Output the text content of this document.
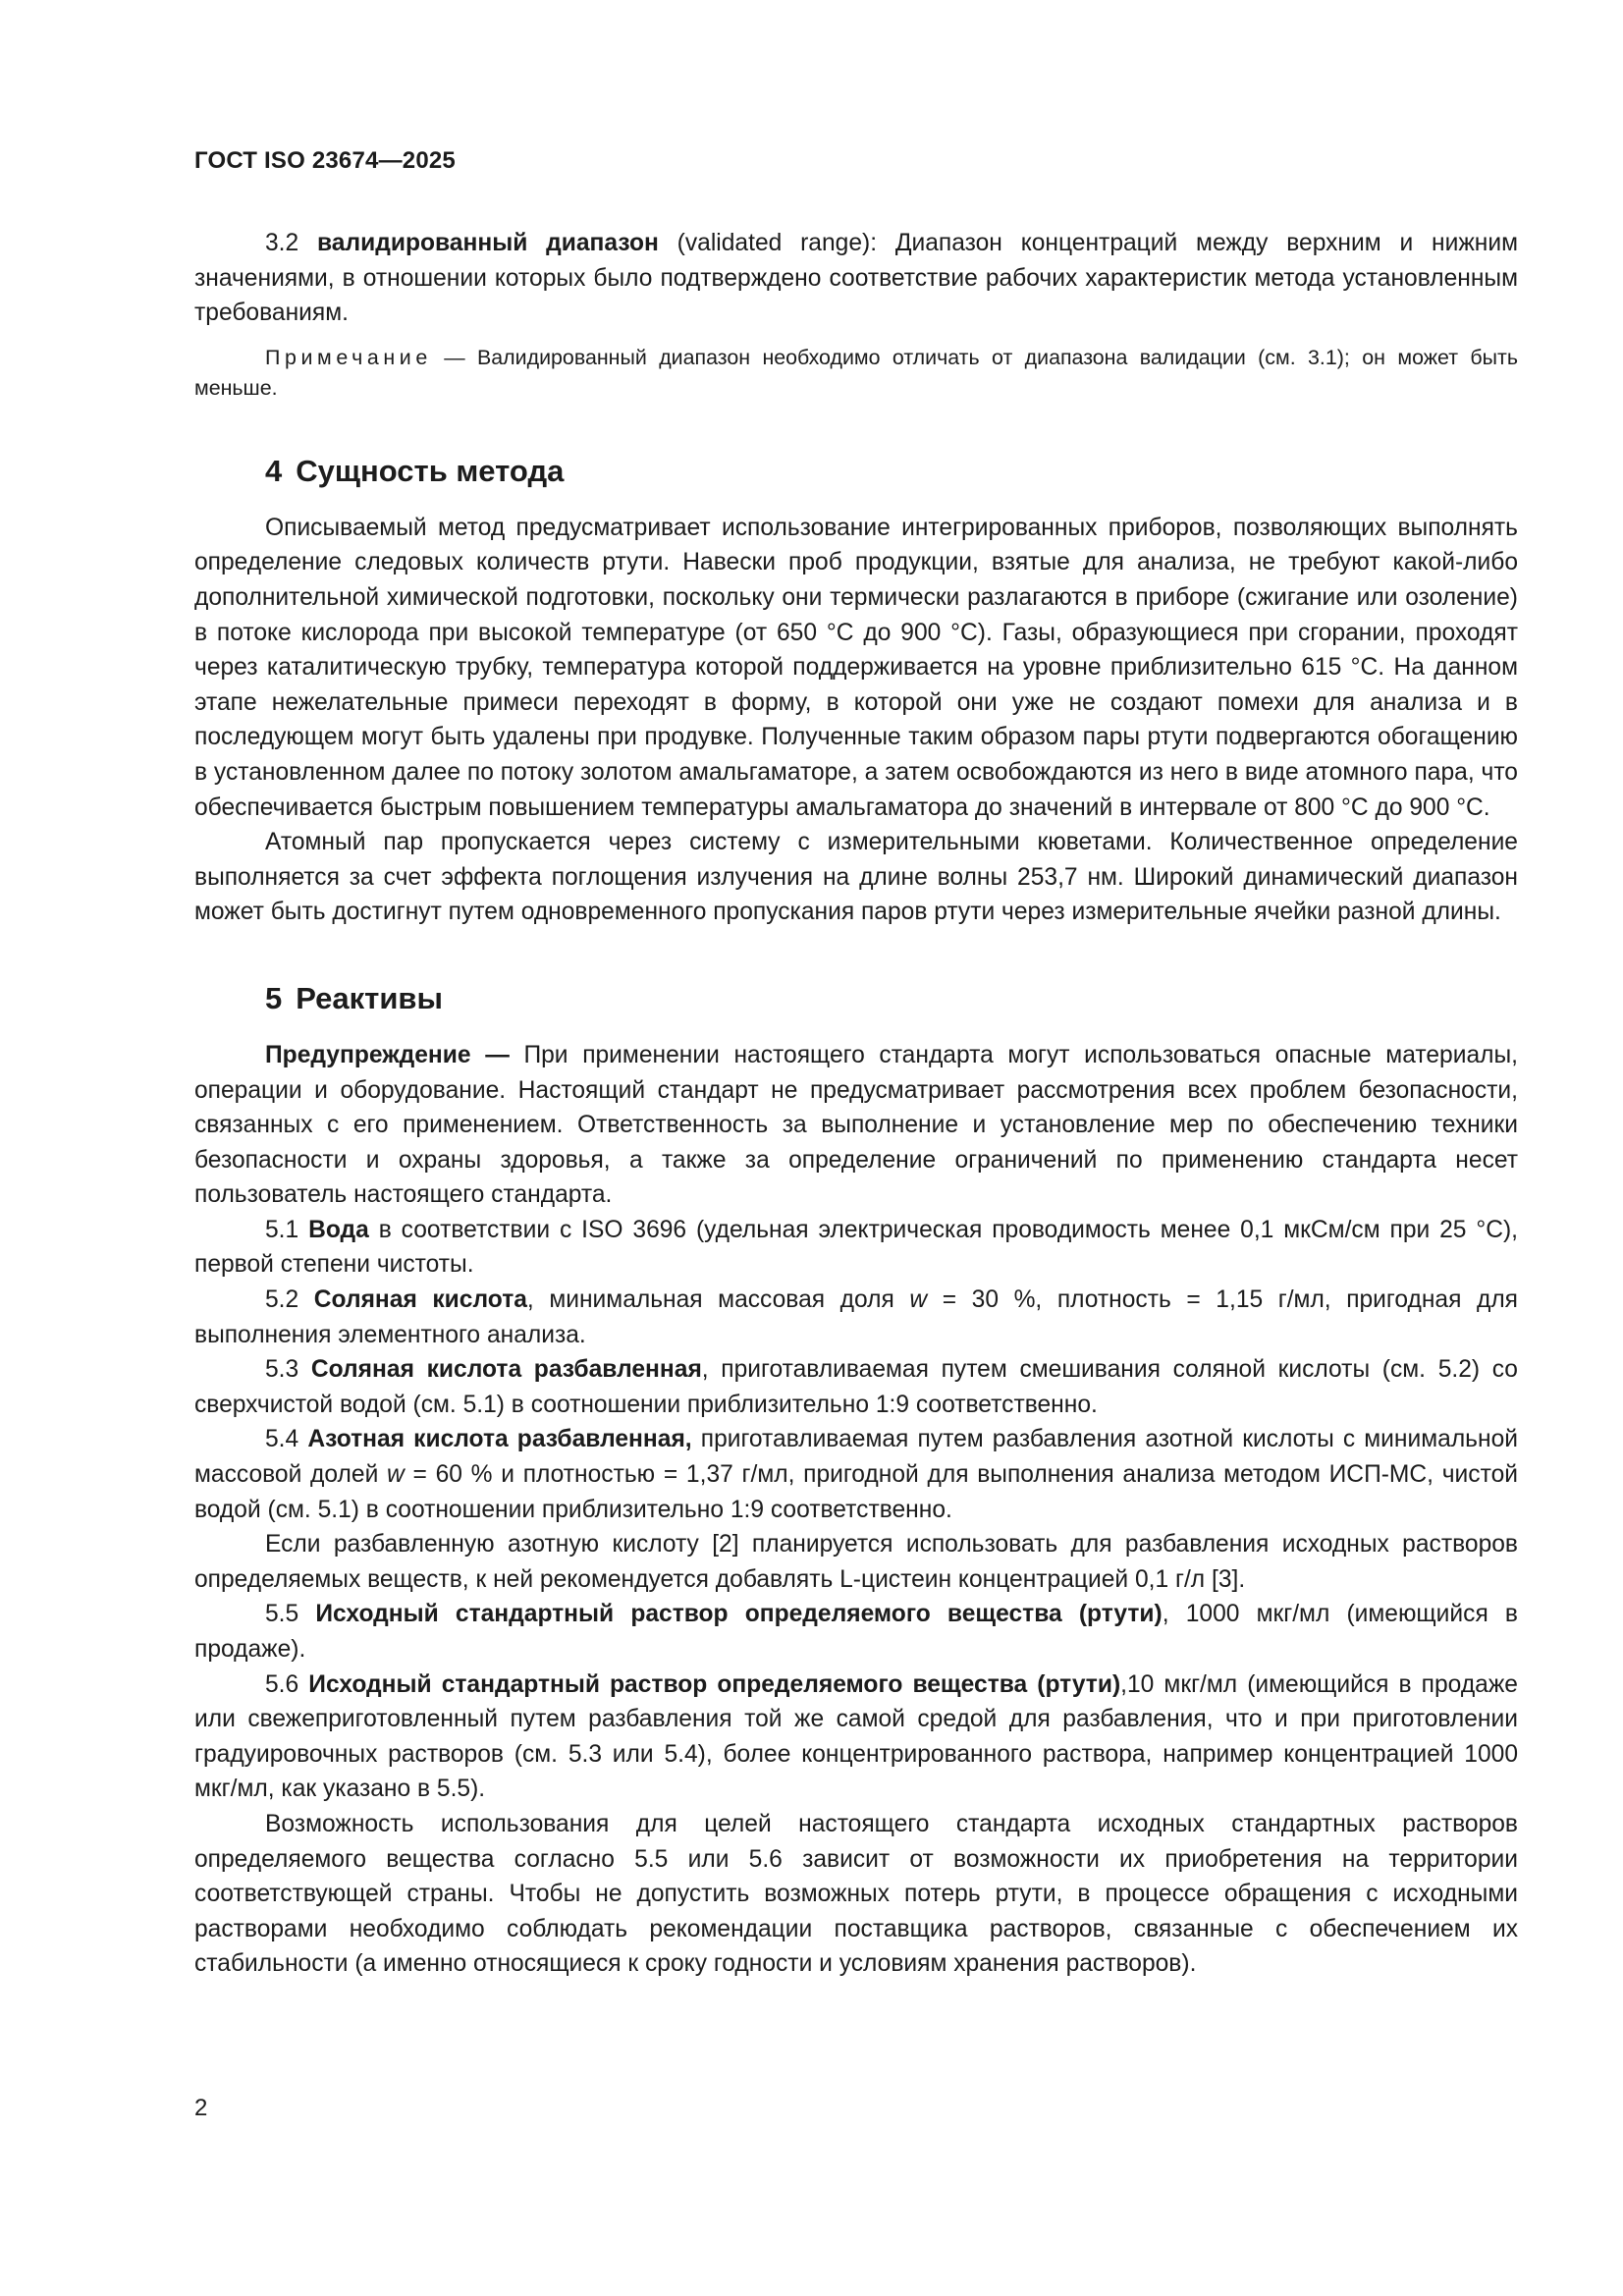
ГОСТ ISO 23674—2025

3.2 валидированный диапазон (validated range): Диапазон концентраций между верхним и нижним значениями, в отношении которых было подтверждено соответствие рабочих характеристик метода установленным требованиям.

Примечание — Валидированный диапазон необходимо отличать от диапазона валидации (см. 3.1); он может быть меньше.

4 Сущность метода

Описываемый метод предусматривает использование интегрированных приборов, позволяющих выполнять определение следовых количеств ртути. Навески проб продукции, взятые для анализа, не требуют какой-либо дополнительной химической подготовки, поскольку они термически разлагаются в приборе (сжигание или озоление) в потоке кислорода при высокой температуре (от 650 °С до 900 °С). Газы, образующиеся при сгорании, проходят через каталитическую трубку, температура которой поддерживается на уровне приблизительно 615 °С. На данном этапе нежелательные примеси переходят в форму, в которой они уже не создают помехи для анализа и в последующем могут быть удалены при продувке. Полученные таким образом пары ртути подвергаются обогащению в установленном далее по потоку золотом амальгаматоре, а затем освобождаются из него в виде атомного пара, что обеспечивается быстрым повышением температуры амальгаматора до значений в интервале от 800 °С до 900 °С.

Атомный пар пропускается через систему с измерительными кюветами. Количественное определение выполняется за счет эффекта поглощения излучения на длине волны 253,7 нм. Широкий динамический диапазон может быть достигнут путем одновременного пропускания паров ртути через измерительные ячейки разной длины.

5 Реактивы

Предупреждение — При применении настоящего стандарта могут использоваться опасные материалы, операции и оборудование. Настоящий стандарт не предусматривает рассмотрения всех проблем безопасности, связанных с его применением. Ответственность за выполнение и установление мер по обеспечению техники безопасности и охраны здоровья, а также за определение ограничений по применению стандарта несет пользователь настоящего стандарта.

5.1 Вода в соответствии с ISO 3696 (удельная электрическая проводимость менее 0,1 мкСм/см при 25 °С), первой степени чистоты.

5.2 Соляная кислота, минимальная массовая доля w = 30 %, плотность = 1,15 г/мл, пригодная для выполнения элементного анализа.

5.3 Соляная кислота разбавленная, приготавливаемая путем смешивания соляной кислоты (см. 5.2) со сверхчистой водой (см. 5.1) в соотношении приблизительно 1:9 соответственно.

5.4 Азотная кислота разбавленная, приготавливаемая путем разбавления азотной кислоты с минимальной массовой долей w = 60 % и плотностью = 1,37 г/мл, пригодной для выполнения анализа методом ИСП-МС, чистой водой (см. 5.1) в соотношении приблизительно 1:9 соответственно.

Если разбавленную азотную кислоту [2] планируется использовать для разбавления исходных растворов определяемых веществ, к ней рекомендуется добавлять L-цистеин концентрацией 0,1 г/л [3].

5.5 Исходный стандартный раствор определяемого вещества (ртути), 1000 мкг/мл (имеющийся в продаже).

5.6 Исходный стандартный раствор определяемого вещества (ртути),10 мкг/мл (имеющийся в продаже или свежеприготовленный путем разбавления той же самой средой для разбавления, что и при приготовлении градуировочных растворов (см. 5.3 или 5.4), более концентрированного раствора, например концентрацией 1000 мкг/мл, как указано в 5.5).

Возможность использования для целей настоящего стандарта исходных стандартных растворов определяемого вещества согласно 5.5 или 5.6 зависит от возможности их приобретения на территории соответствующей страны. Чтобы не допустить возможных потерь ртути, в процессе обращения с исходными растворами необходимо соблюдать рекомендации поставщика растворов, связанные с обеспечением их стабильности (а именно относящиеся к сроку годности и условиям хранения растворов).

2
